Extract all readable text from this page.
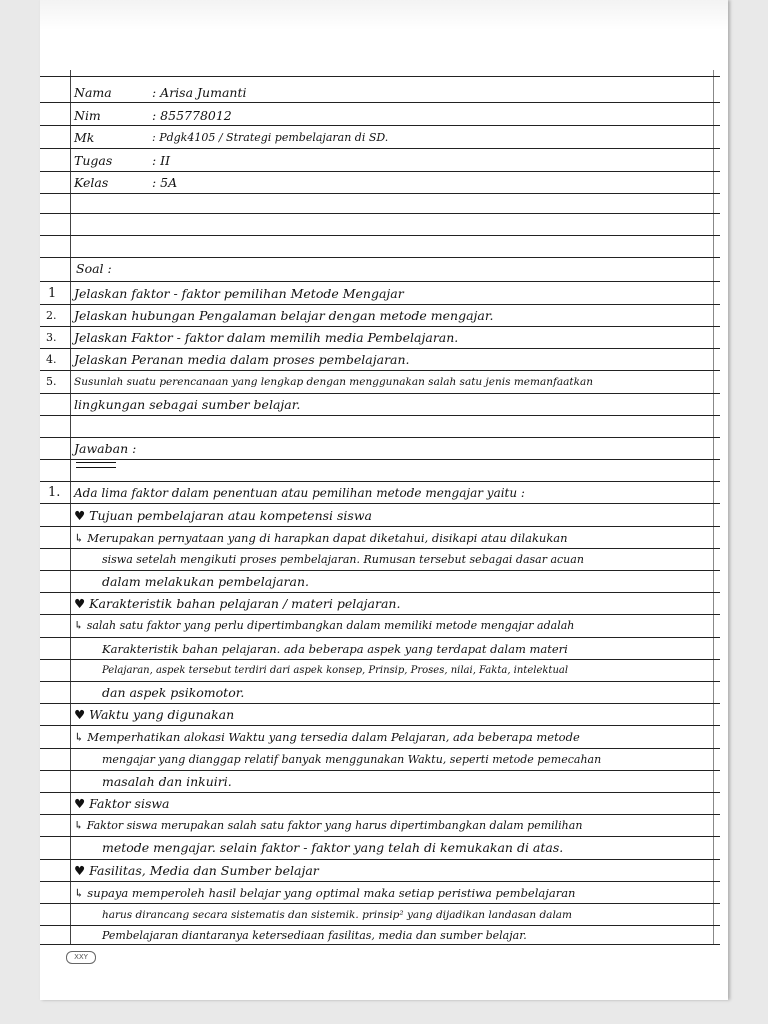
Nama	: Arisa Jumanti
Nim	: 855778012
Mk	: Pdgk4105 / Strategi pembelajaran di SD.
Tugas	: II
Kelas	: 5A
Soal :
1 Jelaskan faktor - faktor pemilihan Metode Mengajar
2. Jelaskan hubungan Pengalaman belajar dengan metode mengajar.
3. Jelaskan Faktor - faktor dalam memilih media Pembelajaran.
4. Jelaskan Peranan media dalam proses pembelajaran.
5. Susunlah suatu perencanaan yang lengkap dengan menggunakan salah satu jenis memanfaatkan
lingkungan sebagai sumber belajar.
Jawaban :
1. Ada lima faktor dalam penentuan atau pemilihan metode mengajar yaitu :
♥ Tujuan pembelajaran atau kompetensi siswa
↳ Merupakan pernyataan yang di harapkan dapat diketahui, disikapi atau dilakukan
siswa setelah mengikuti proses pembelajaran. Rumusan tersebut sebagai dasar acuan
dalam melakukan pembelajaran.
♥ Karakteristik bahan pelajaran / materi pelajaran.
↳ salah satu faktor yang perlu dipertimbangkan dalam memiliki metode mengajar adalah
Karakteristik bahan pelajaran. ada beberapa aspek yang terdapat dalam materi
Pelajaran, aspek tersebut terdiri dari aspek konsep, Prinsip, Proses, nilai, Fakta, intelektual
dan aspek psikomotor.
♥ Waktu yang digunakan
↳ Memperhatikan alokasi Waktu yang tersedia dalam Pelajaran, ada beberapa metode
mengajar yang dianggap relatif banyak menggunakan Waktu, seperti metode pemecahan
masalah dan inkuiri.
♥ Faktor siswa
↳ Faktor siswa merupakan salah satu faktor yang harus dipertimbangkan dalam pemilihan
metode mengajar. selain faktor - faktor yang telah di kemukakan di atas.
♥ Fasilitas, Media dan Sumber belajar
↳ supaya memperoleh hasil belajar yang optimal maka setiap peristiwa pembelajaran
harus dirancang secara sistematis dan sistemik. prinsip² yang dijadikan landasan dalam
Pembelajaran diantaranya ketersediaan fasilitas, media dan sumber belajar.
XXY
